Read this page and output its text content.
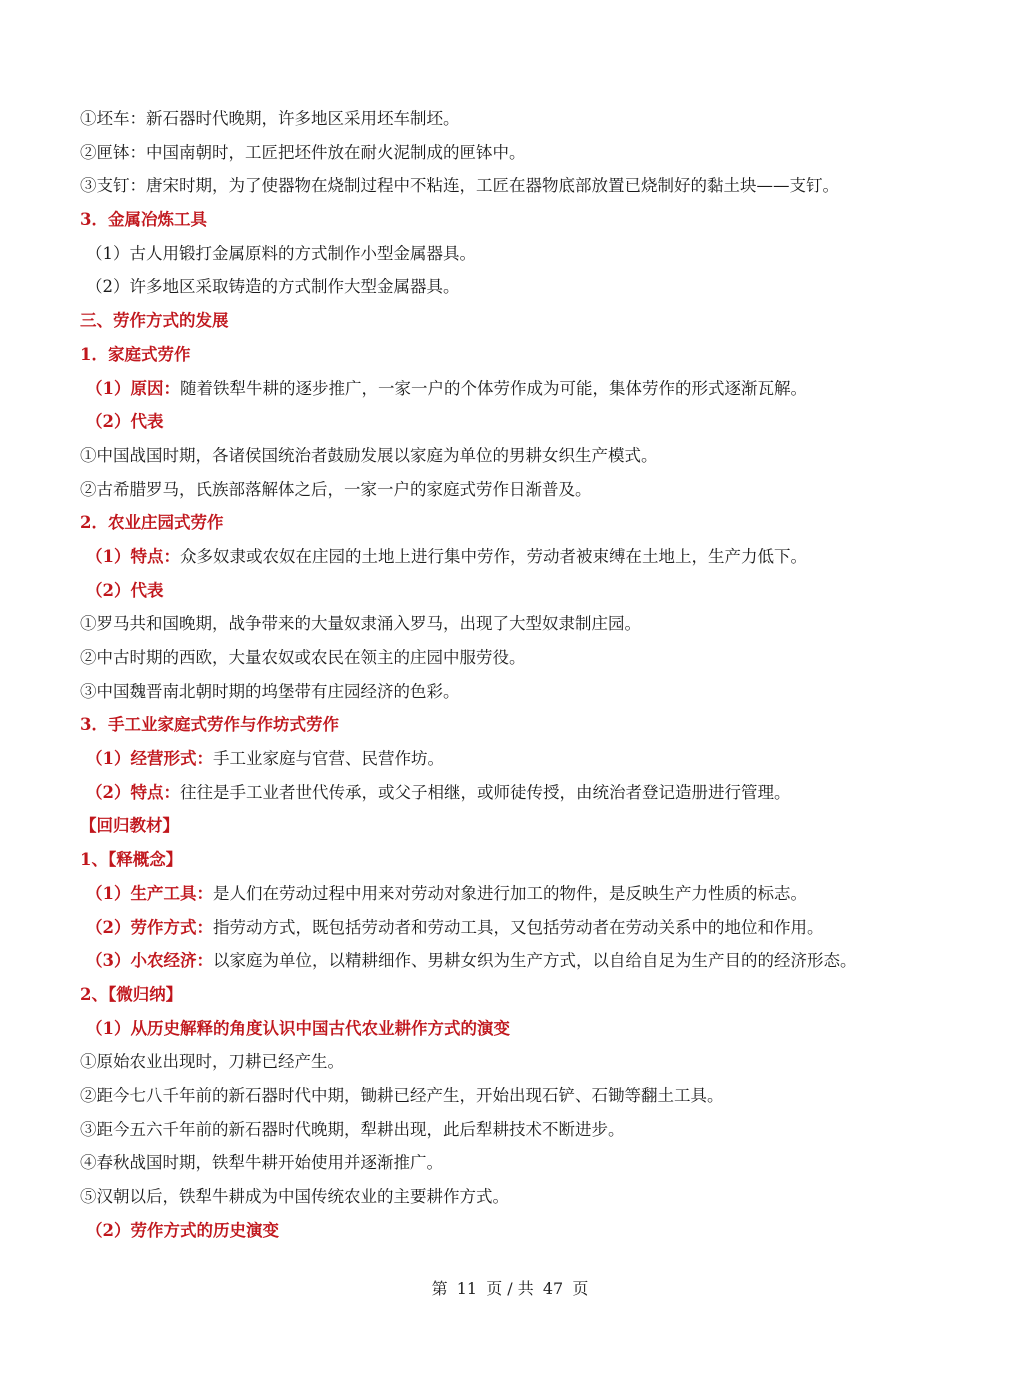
①坯车：新石器时代晚期，许多地区采用坯车制坯。
②匣钵：中国南朝时，工匠把坯件放在耐火泥制成的匣钵中。
③支钉：唐宋时期，为了使器物在烧制过程中不粘连，工匠在器物底部放置已烧制好的黏土块——支钉。
3．金属冶炼工具
（1）古人用锻打金属原料的方式制作小型金属器具。
（2）许多地区采取铸造的方式制作大型金属器具。
三、劳作方式的发展
1．家庭式劳作
（1）原因：随着铁犁牛耕的逐步推广，一家一户的个体劳作成为可能，集体劳作的形式逐渐瓦解。
（2）代表
①中国战国时期，各诸侯国统治者鼓励发展以家庭为单位的男耕女织生产模式。
②古希腊罗马，氏族部落解体之后，一家一户的家庭式劳作日渐普及。
2．农业庄园式劳作
（1）特点：众多奴隶或农奴在庄园的土地上进行集中劳作，劳动者被束缚在土地上，生产力低下。
（2）代表
①罗马共和国晚期，战争带来的大量奴隶涌入罗马，出现了大型奴隶制庄园。
②中古时期的西欧，大量农奴或农民在领主的庄园中服劳役。
③中国魏晋南北朝时期的坞堡带有庄园经济的色彩。
3．手工业家庭式劳作与作坊式劳作
（1）经营形式：手工业家庭与官营、民营作坊。
（2）特点：往往是手工业者世代传承，或父子相继，或师徒传授，由统治者登记造册进行管理。
【回归教材】
1、【释概念】
（1）生产工具：是人们在劳动过程中用来对劳动对象进行加工的物件，是反映生产力性质的标志。
（2）劳作方式：指劳动方式，既包括劳动者和劳动工具，又包括劳动者在劳动关系中的地位和作用。
（3）小农经济：以家庭为单位，以精耕细作、男耕女织为生产方式，以自给自足为生产目的的经济形态。
2、【微归纳】
（1）从历史解释的角度认识中国古代农业耕作方式的演变
①原始农业出现时，刀耕已经产生。
②距今七八千年前的新石器时代中期，锄耕已经产生，开始出现石铲、石锄等翻土工具。
③距今五六千年前的新石器时代晚期，犁耕出现，此后犁耕技术不断进步。
④春秋战国时期，铁犁牛耕开始使用并逐渐推广。
⑤汉朝以后，铁犁牛耕成为中国传统农业的主要耕作方式。
（2）劳作方式的历史演变
第 11 页 / 共 47 页
